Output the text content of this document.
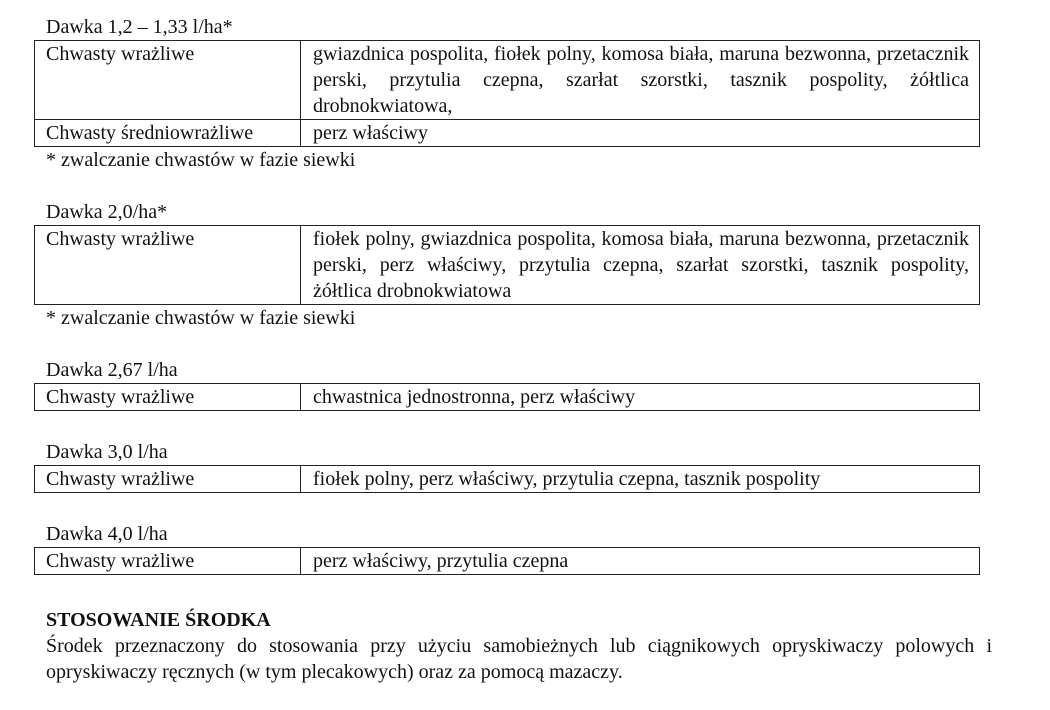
Dawka 1,2 – 1,33 l/ha*
Chwasty wrażliwe	gwiazdnica pospolita, fiołek polny, komosa biała, maruna bezwonna, przetacznik perski, przytulia czepna, szarłat szorstki, tasznik pospolity, żółtlica drobnokwiatowa,
Chwasty średniowrażliwe	perz właściwy
* zwalczanie chwastów w fazie siewki
Dawka 2,0/ha*
Chwasty wrażliwe	fiołek polny, gwiazdnica pospolita, komosa biała, maruna bezwonna, przetacznik perski, perz właściwy, przytulia czepna, szarłat szorstki, tasznik pospolity, żółtlica drobnokwiatowa
* zwalczanie chwastów w fazie siewki
Dawka 2,67 l/ha
Chwasty wrażliwe	chwastnica jednostronna, perz właściwy
Dawka 3,0 l/ha
Chwasty wrażliwe	fiołek polny, perz właściwy, przytulia czepna, tasznik pospolity
Dawka 4,0 l/ha
Chwasty wrażliwe	perz właściwy, przytulia czepna
STOSOWANIE ŚRODKA
Środek przeznaczony do stosowania przy użyciu samobieżnych lub ciągnikowych opryskiwaczy polowych i opryskiwaczy ręcznych (w tym plecakowych) oraz za pomocą mazaczy.
